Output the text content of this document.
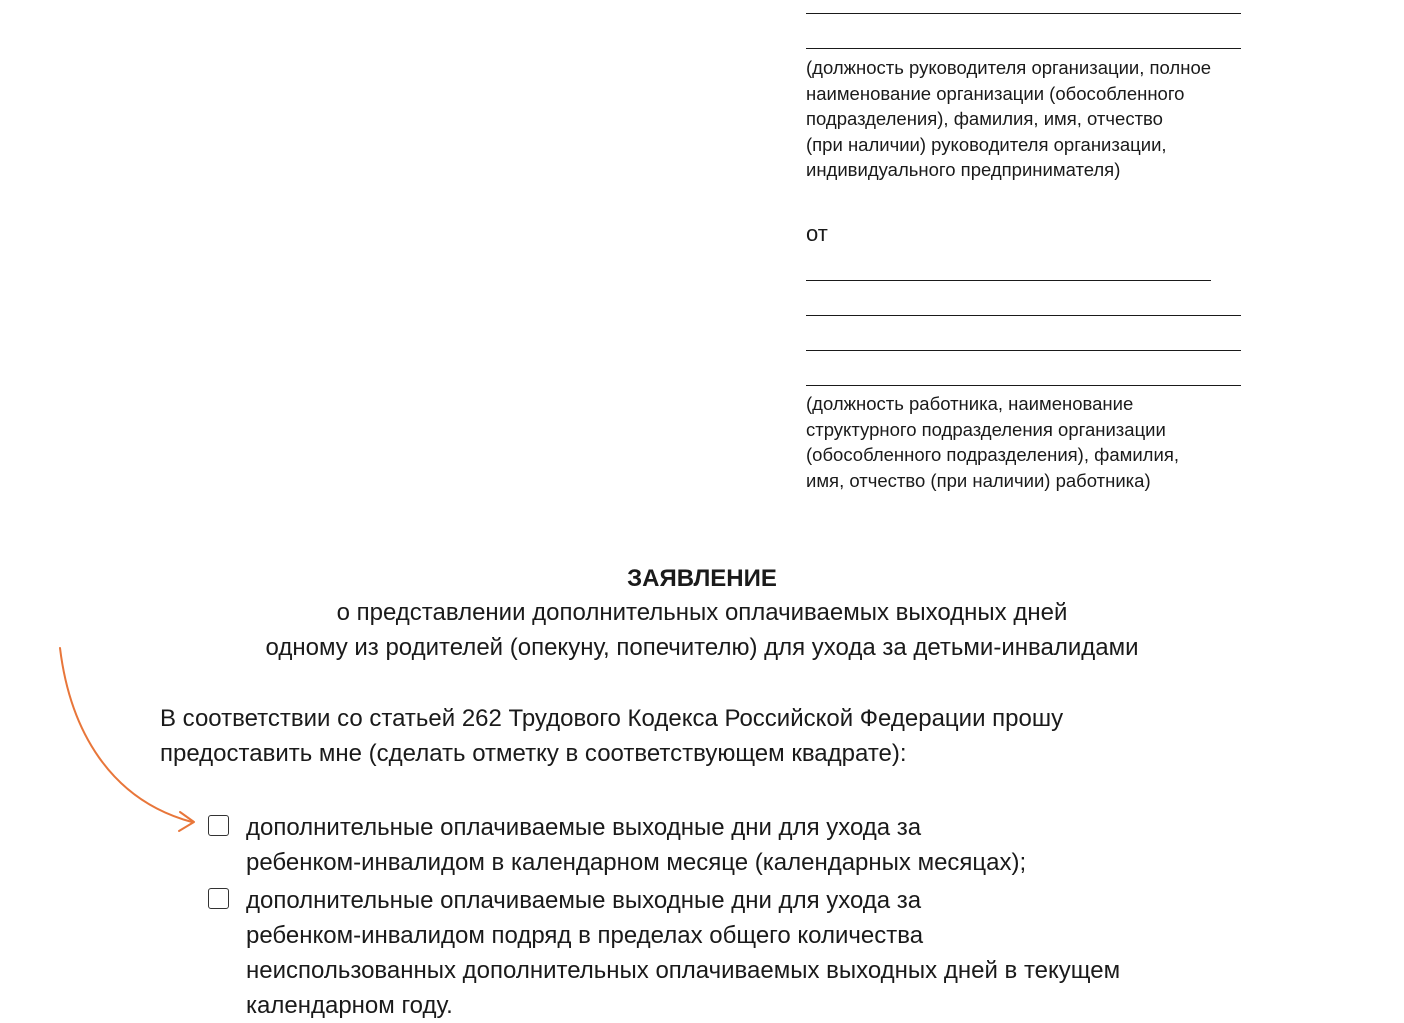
(должность руководителя организации, полное
наименование организации (обособленного
подразделения), фамилия, имя, отчество
(при наличии) руководителя организации,
индивидуального предпринимателя)
от
(должность работника, наименование
структурного подразделения организации
(обособленного подразделения), фамилия,
имя, отчество (при наличии) работника)
ЗАЯВЛЕНИЕ
о представлении дополнительных оплачиваемых выходных дней
одному из родителей (опекуну, попечителю) для ухода за детьми-инвалидами
В соответствии со статьей 262 Трудового Кодекса Российской Федерации прошу
предоставить мне (сделать отметку в соответствующем квадрате):
дополнительные оплачиваемые выходные дни для ухода за
ребенком-инвалидом в календарном месяце (календарных месяцах);
дополнительные оплачиваемые выходные дни для ухода за
ребенком-инвалидом подряд в пределах общего количества
неиспользованных дополнительных оплачиваемых выходных дней в текущем
календарном году.
